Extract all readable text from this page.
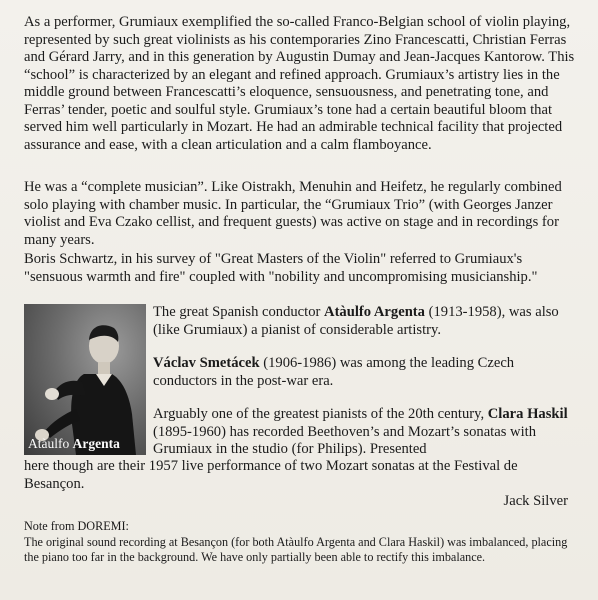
As a performer, Grumiaux exemplified the so-called Franco-Belgian school of violin playing, represented by such great violinists as his contemporaries Zino Francescatti, Christian Ferras and Gérard Jarry, and in this generation by Augustin Dumay and Jean-Jacques Kantorow. This “school” is characterized by an elegant and refined approach. Grumiaux’s artistry lies in the middle ground between Francescatti’s eloquence, sensuousness, and penetrating tone, and Ferras’ tender, poetic and soulful style. Grumiaux’s tone had a certain beautiful bloom that served him well particularly in Mozart. He had an admirable technical facility that projected assurance and ease, with a clean articulation and a calm flamboyance.

He was a “complete musician”. Like Oistrakh, Menuhin and Heifetz, he regularly combined solo playing with chamber music. In particular, the “Grumiaux Trio” (with Georges Janzer violist and Eva Czako cellist, and frequent guests) was active on stage and in recordings for many years.

Boris Schwartz, in his survey of "Great Masters of the Violin" referred to Grumiaux's "sensuous warmth and fire" coupled with "nobility and uncompromising musicianship."

Atàulfo Argenta

The great Spanish conductor Atàulfo Argenta (1913-1958), was also (like Grumiaux) a pianist of considerable artistry.

Václav Smetácek (1906-1986) was among the leading Czech conductors in the post-war era.

Arguably one of the greatest pianists of the 20th century, Clara Haskil (1895-1960) has recorded Beethoven’s and Mozart’s sonatas with Grumiaux in the studio (for Philips). Presented

here though are their 1957 live performance of two Mozart sonatas at the Festival de Besançon.

Jack Silver
Note from DOREMI:
The original sound recording at Besançon (for both Atàulfo Argenta and Clara Haskil) was imbalanced, placing the piano too far in the background. We have only partially been able to rectify this imbalance.
